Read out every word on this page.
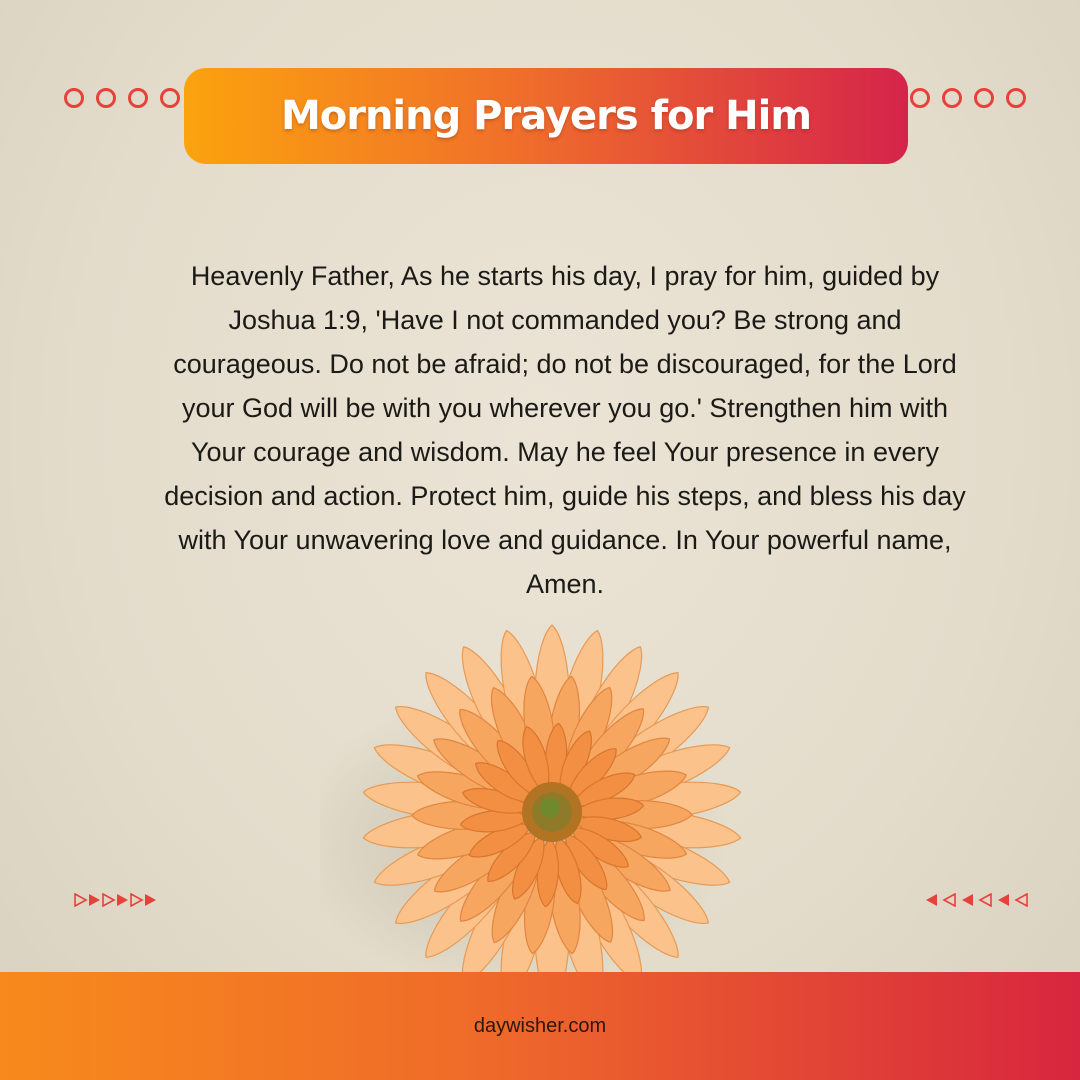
Morning Prayers for Him

Heavenly Father, As he starts his day, I pray for him, guided by Joshua 1:9, 'Have I not commanded you? Be strong and courageous. Do not be afraid; do not be discouraged, for the Lord your God will be with you wherever you go.' Strengthen him with Your courage and wisdom. May he feel Your presence in every decision and action. Protect him, guide his steps, and bless his day with Your unwavering love and guidance. In Your powerful name, Amen.

daywisher.com
